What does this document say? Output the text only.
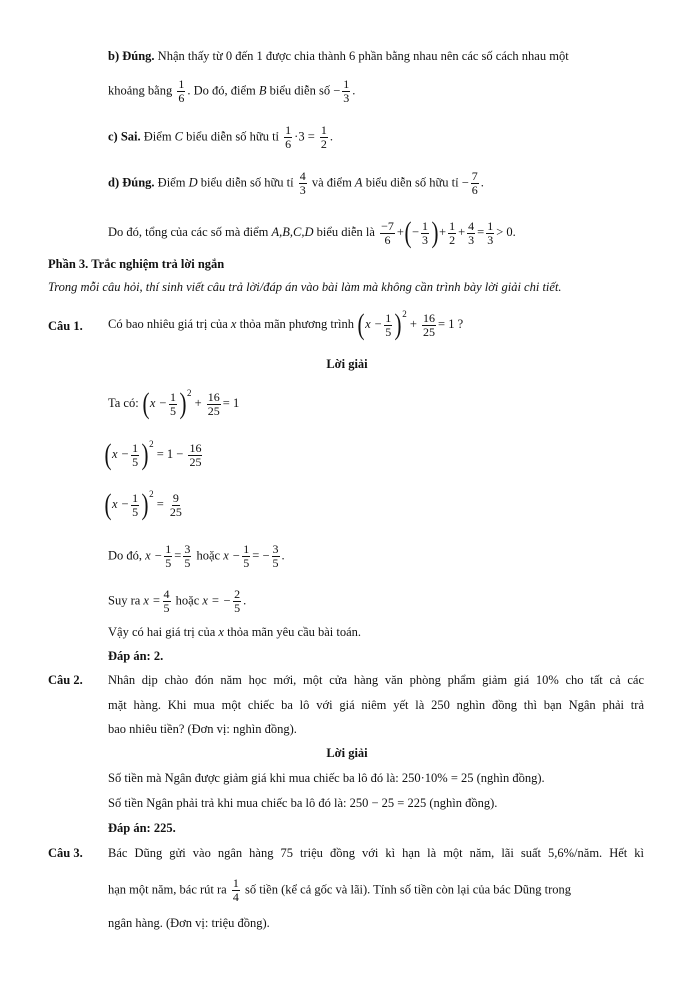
b) Đúng. Nhận thấy từ 0 đến 1 được chia thành 6 phần bằng nhau nên các số cách nhau một
khoảng bằng $\frac{1}{6}$ . Do đó, điểm B biểu diễn số − $\frac{1}{3}$ .
c) Sai. Điểm C biểu diễn số hữu tỉ $\frac{1}{6} \cdot 3 = \frac{1}{2}$ .
d) Đúng. Điểm D biểu diễn số hữu tỉ $\frac{4}{3}$ và điểm A biểu diễn số hữu tỉ − $\frac{7}{6}$ .
Do đó, tổng của các số mà điểm A,B,C,D biểu diễn là $\frac{-7}{6}$ +(− $\frac{1}{3}$ )+ $\frac{1}{2} + \frac{4}{3} = \frac{1}{3} > 0$.
Phần 3. Trắc nghiệm trả lời ngắn
Trong mỗi câu hỏi, thí sinh viết câu trả lời/đáp án vào bài làm mà không cần trình bày lời giải chi tiết.
Câu 1. Có bao nhiêu giá trị của x thỏa mãn phương trình $(x - \frac{1}{5} )^2 + \frac{16}{25} = 1$ ?
Lời giải
Ta có: $(x - \frac{1}{5} )^2 + \frac{16}{25} = 1$
$(x - \frac{1}{5} )^2 = 1 - \frac{16}{25}$
$(x - \frac{1}{5} )^2 = \frac{9}{25}$
Do đó, $x - \frac{1}{5} = \frac{3}{5}$ hoặc $x - \frac{1}{5}$ = − $\frac{3}{5}$ .
Suy ra $x = \frac{4}{5}$ hoặc x = − $\frac{2}{5}$ .
Vậy có hai giá trị của x thỏa mãn yêu cầu bài toán.
Đáp án: 2.
Câu 2. Nhân dịp chào đón năm học mới, một cửa hàng văn phòng phẩm giảm giá 10% cho tất cả các
mặt hàng. Khi mua một chiếc ba lô với giá niêm yết là 250 nghìn đồng thì bạn Ngân phải trả
bao nhiêu tiền? (Đơn vị: nghìn đồng).
Lời giải
Số tiền mà Ngân được giảm giá khi mua chiếc ba lô đó là: 250·10% = 25 (nghìn đồng).
Số tiền Ngân phải trả khi mua chiếc ba lô đó là: 250 − 25 = 225 (nghìn đồng).
Đáp án: 225.
Câu 3. Bác Dũng gửi vào ngân hàng 75 triệu đồng với kì hạn là một năm, lãi suất 5,6%/năm. Hết kì
hạn một năm, bác rút ra $\frac{1}{4}$ số tiền (kể cả gốc và lãi). Tính số tiền còn lại của bác Dũng trong
ngân hàng. (Đơn vị: triệu đồng).
